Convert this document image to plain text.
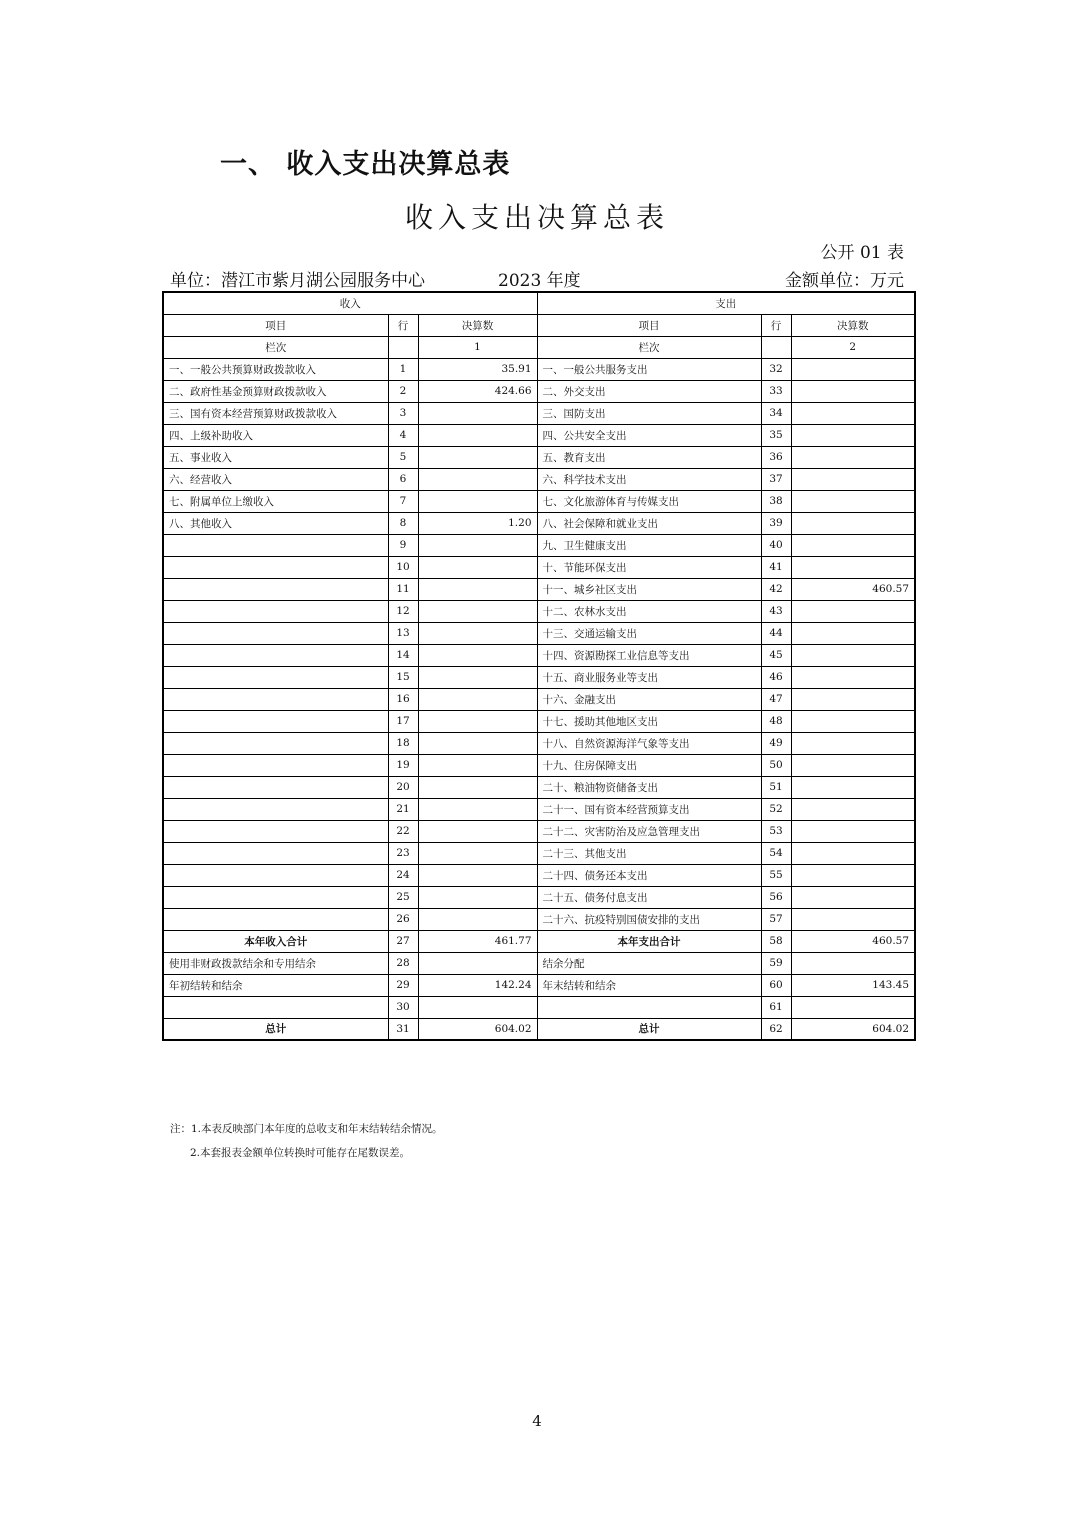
一、 收入支出决算总表
收入支出决算总表
公开 01 表
单位：潜江市紫月湖公园服务中心	2023 年度	金额单位：万元
收入			支出		
项目	行	决算数	项目	行	决算数
栏次		1	栏次		2
一、一般公共预算财政拨款收入	1	35.91	一、一般公共服务支出	32	
二、政府性基金预算财政拨款收入	2	424.66	二、外交支出	33	
三、国有资本经营预算财政拨款收入	3		三、国防支出	34	
四、上级补助收入	4		四、公共安全支出	35	
五、事业收入	5		五、教育支出	36	
六、经营收入	6		六、科学技术支出	37	
七、附属单位上缴收入	7		七、文化旅游体育与传媒支出	38	
八、其他收入	8	1.20	八、社会保障和就业支出	39	
	9		九、卫生健康支出	40	
	10		十、节能环保支出	41	
	11		十一、城乡社区支出	42	460.57
	12		十二、农林水支出	43	
	13		十三、交通运输支出	44	
	14		十四、资源勘探工业信息等支出	45	
	15		十五、商业服务业等支出	46	
	16		十六、金融支出	47	
	17		十七、援助其他地区支出	48	
	18		十八、自然资源海洋气象等支出	49	
	19		十九、住房保障支出	50	
	20		二十、粮油物资储备支出	51	
	21		二十一、国有资本经营预算支出	52	
	22		二十二、灾害防治及应急管理支出	53	
	23		二十三、其他支出	54	
	24		二十四、债务还本支出	55	
	25		二十五、债务付息支出	56	
	26		二十六、抗疫特别国债安排的支出	57	
本年收入合计	27	461.77	本年支出合计	58	460.57
使用非财政拨款结余和专用结余	28		结余分配	59	
年初结转和结余	29	142.24	年末结转和结余	60	143.45
	30			61	
总计	31	604.02	总计	62	604.02
注：1.本表反映部门本年度的总收支和年末结转结余情况。
2.本套报表金额单位转换时可能存在尾数误差。
4
